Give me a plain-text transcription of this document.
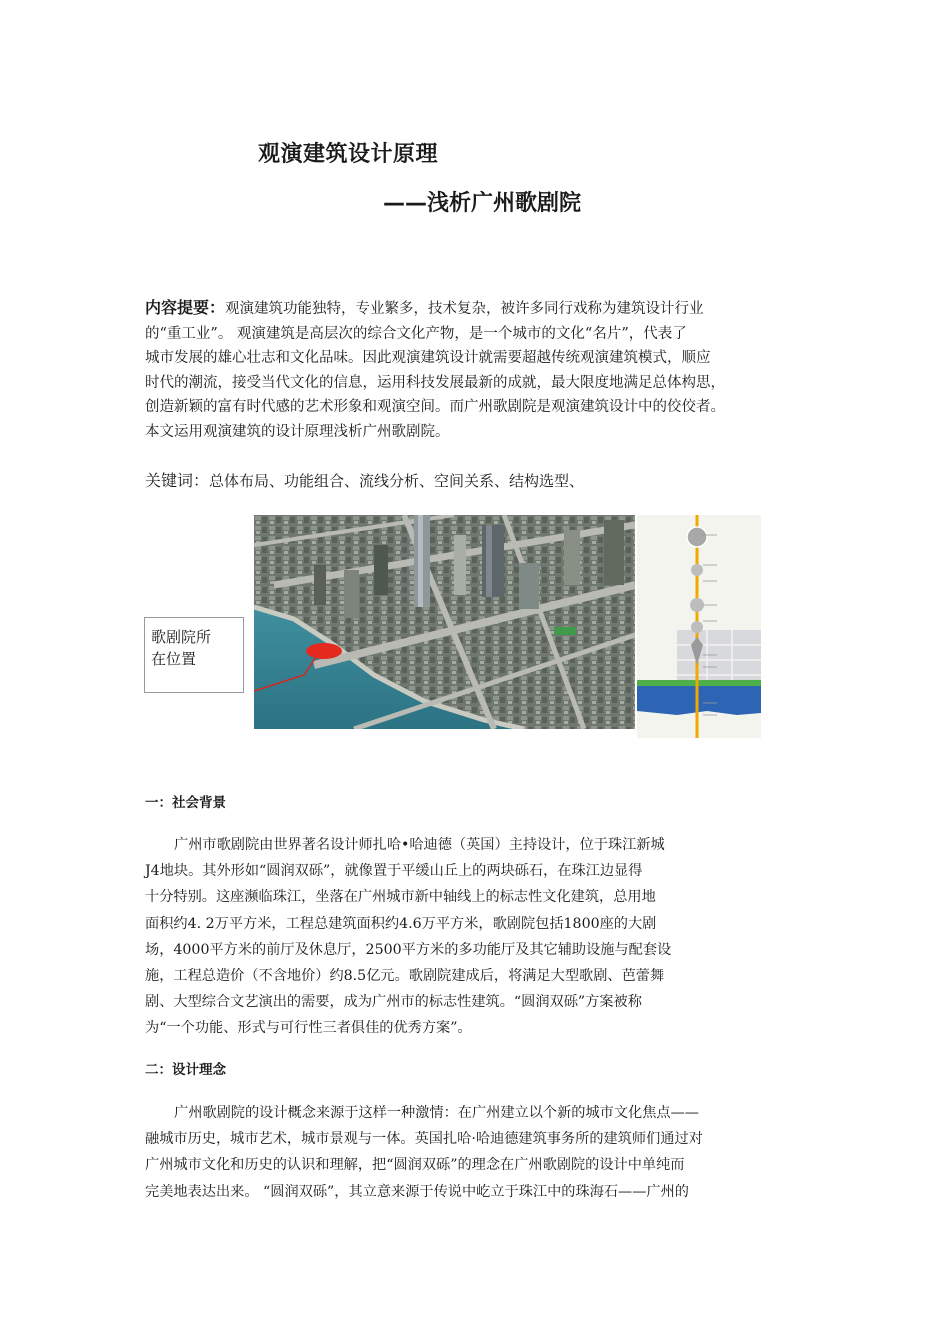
观演建筑设计原理
——浅析广州歌剧院
内容提要：观演建筑功能独特，专业繁多，技术复杂，被许多同行戏称为建筑设计行业
的“重工业”。 观演建筑是高层次的综合文化产物，是一个城市的文化“名片”，代表了
城市发展的雄心壮志和文化品味。因此观演建筑设计就需要超越传统观演建筑模式，顺应
时代的潮流，接受当代文化的信息，运用科技发展最新的成就，最大限度地满足总体构思，
创造新颖的富有时代感的艺术形象和观演空间。而广州歌剧院是观演建筑设计中的佼佼者。
本文运用观演建筑的设计原理浅析广州歌剧院。
关键词：总体布局、功能组合、流线分析、空间关系、结构选型、
歌剧院所
在位置
一：社会背景
广州市歌剧院由世界著名设计师扎哈•哈迪德（英国）主持设计，位于珠江新城
J4地块。其外形如“圆润双砾”，就像置于平缓山丘上的两块砾石，在珠江边显得
十分特别。这座濒临珠江，坐落在广州城市新中轴线上的标志性文化建筑，总用地
面积约4. 2万平方米，工程总建筑面积约4.6万平方米，歌剧院包括1800座的大剧
场，4000平方米的前厅及休息厅，2500平方米的多功能厅及其它辅助设施与配套设
施，工程总造价（不含地价）约8.5亿元。歌剧院建成后，将满足大型歌剧、芭蕾舞
剧、大型综合文艺演出的需要，成为广州市的标志性建筑。“圆润双砾”方案被称
为“一个功能、形式与可行性三者俱佳的优秀方案”。
二：设计理念
广州歌剧院的设计概念来源于这样一种激情：在广州建立以个新的城市文化焦点——
融城市历史，城市艺术，城市景观与一体。英国扎哈·哈迪德建筑事务所的建筑师们通过对
广州城市文化和历史的认识和理解，把“圆润双砾”的理念在广州歌剧院的设计中单纯而
完美地表达出来。 “圆润双砾”，其立意来源于传说中屹立于珠江中的珠海石——广州的
